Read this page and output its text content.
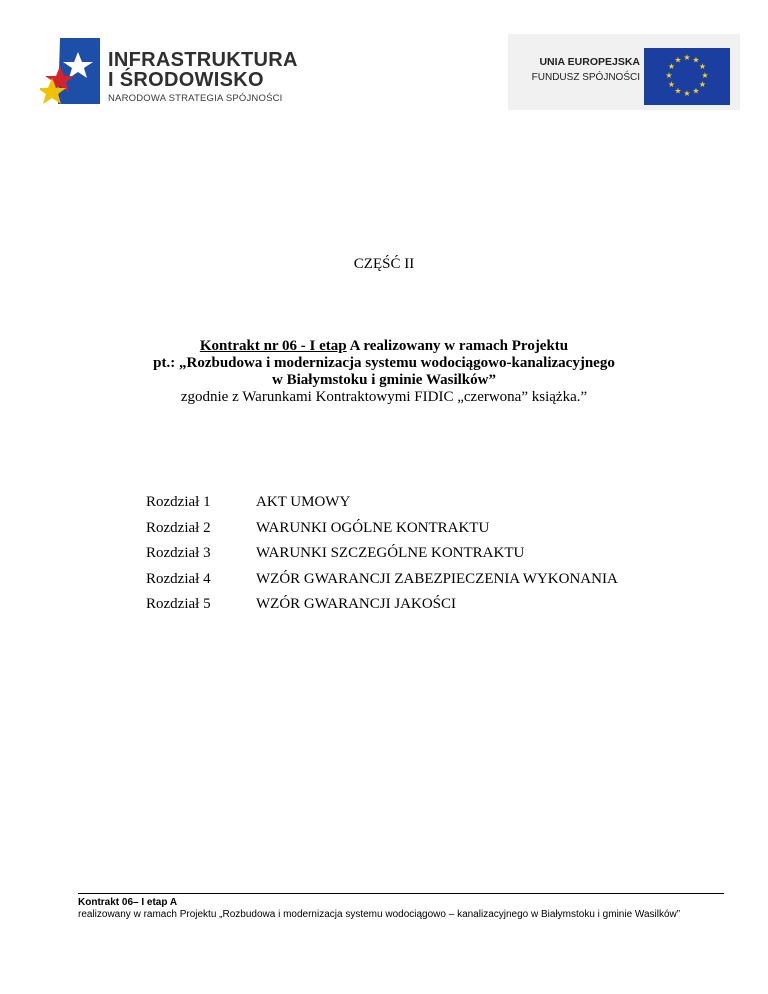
INFRASTRUKTURA
I ŚRODOWISKO
NARODOWA STRATEGIA SPÓJNOŚCI
UNIA EUROPEJSKA
FUNDUSZ SPÓJNOŚCI
★ ★
★
★
★
★
★
★
★
★
★
★
CZĘŚĆ II
Kontrakt nr 06 - I etap A realizowany w ramach Projektu
pt.: „Rozbudowa i modernizacja systemu wodociągowo-kanalizacyjnego
w Białymstoku i gminie Wasilków”
zgodnie z Warunkami Kontraktowymi FIDIC „czerwona” książka.”
Rozdział 1	AKT UMOWY
Rozdział 2	WARUNKI OGÓLNE KONTRAKTU
Rozdział 3	WARUNKI SZCZEGÓLNE KONTRAKTU
Rozdział 4	WZÓR GWARANCJI ZABEZPIECZENIA WYKONANIA
Rozdział 5	WZÓR GWARANCJI JAKOŚCI
Kontrakt 06– I etap A
realizowany w ramach Projektu „Rozbudowa i modernizacja systemu wodociągowo – kanalizacyjnego w Białymstoku i gminie Wasilków”
